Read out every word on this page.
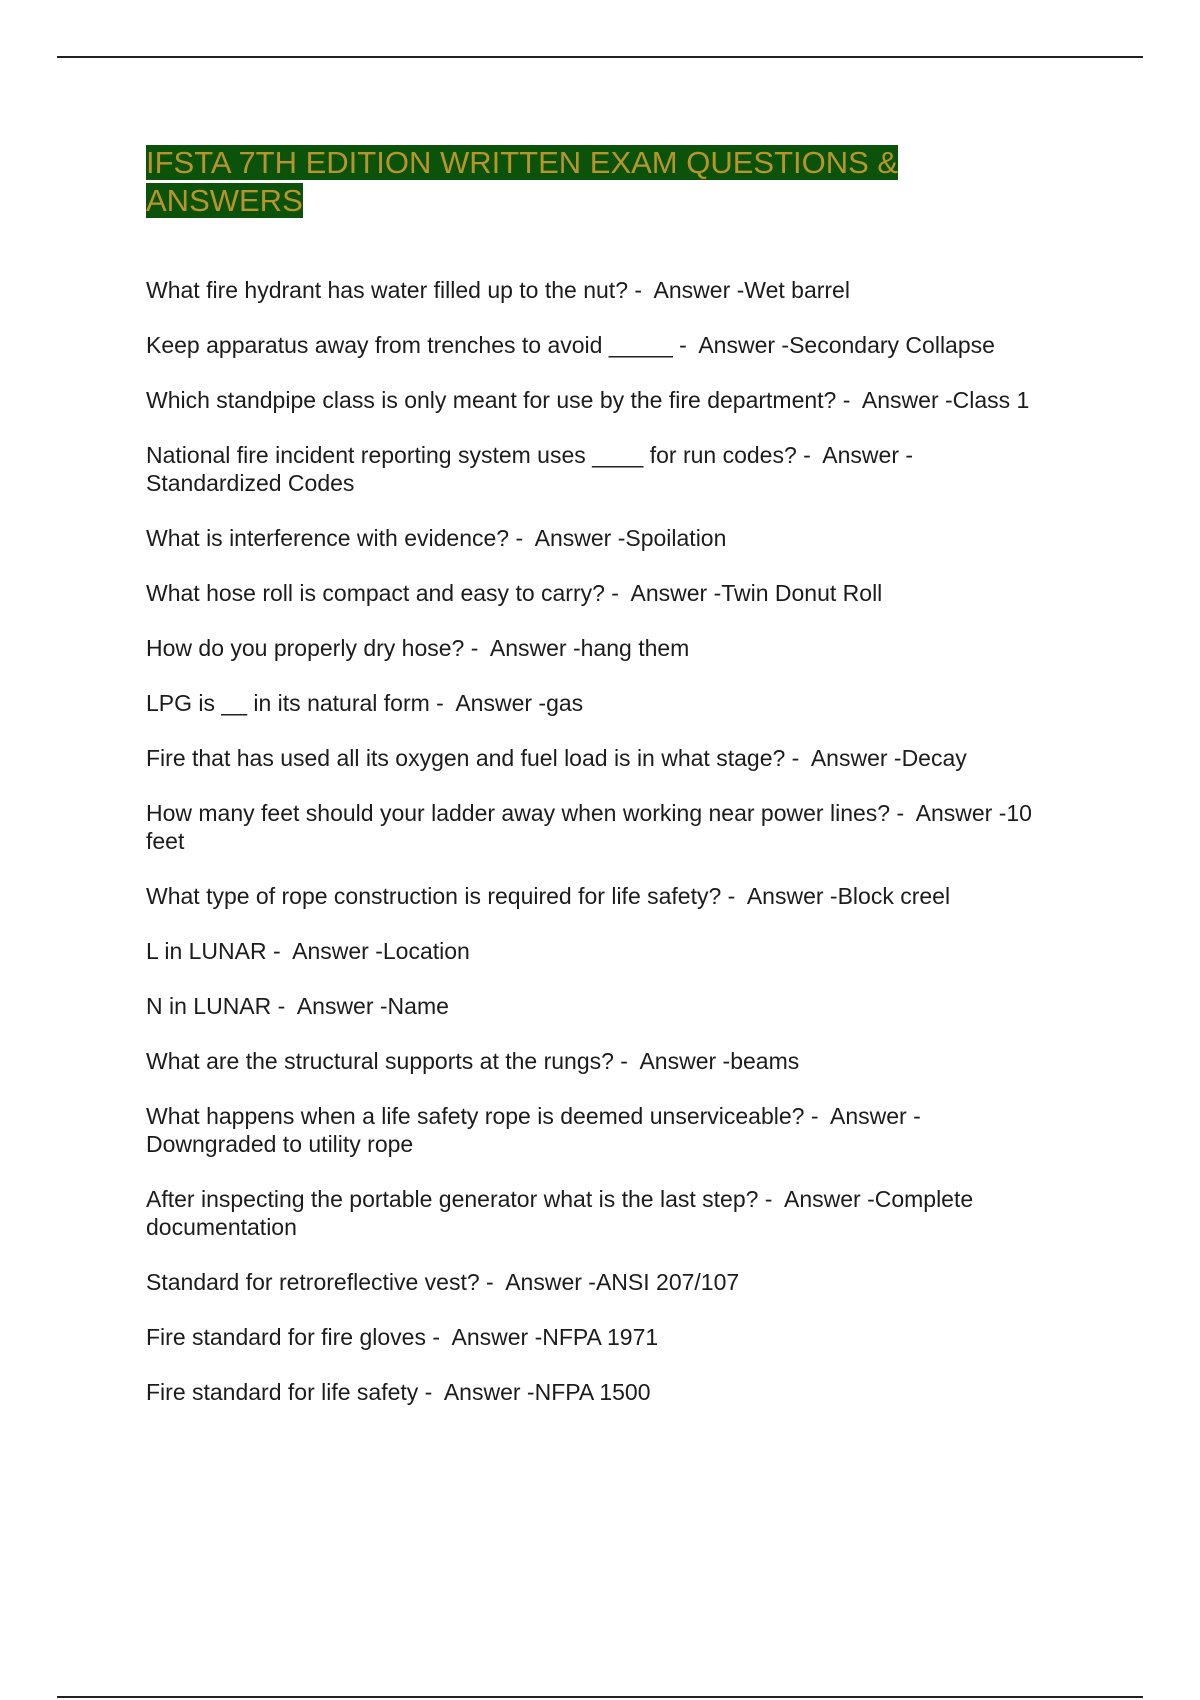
IFSTA 7TH EDITION WRITTEN EXAM QUESTIONS & ANSWERS
What fire hydrant has water filled up to the nut? -  Answer -Wet barrel
Keep apparatus away from trenches to avoid _____ -  Answer -Secondary Collapse
Which standpipe class is only meant for use by the fire department? -  Answer -Class 1
National fire incident reporting system uses ____ for run codes? -  Answer -
Standardized Codes
What is interference with evidence? -  Answer -Spoilation
What hose roll is compact and easy to carry? -  Answer -Twin Donut Roll
How do you properly dry hose? -  Answer -hang them
LPG is __ in its natural form -  Answer -gas
Fire that has used all its oxygen and fuel load is in what stage? -  Answer -Decay
How many feet should your ladder away when working near power lines? -  Answer -10
feet
What type of rope construction is required for life safety? -  Answer -Block creel
L in LUNAR -  Answer -Location
N in LUNAR -  Answer -Name
What are the structural supports at the rungs? -  Answer -beams
What happens when a life safety rope is deemed unserviceable? -  Answer -
Downgraded to utility rope
After inspecting the portable generator what is the last step? -  Answer -Complete
documentation
Standard for retroreflective vest? -  Answer -ANSI 207/107
Fire standard for fire gloves -  Answer -NFPA 1971
Fire standard for life safety -  Answer -NFPA 1500
